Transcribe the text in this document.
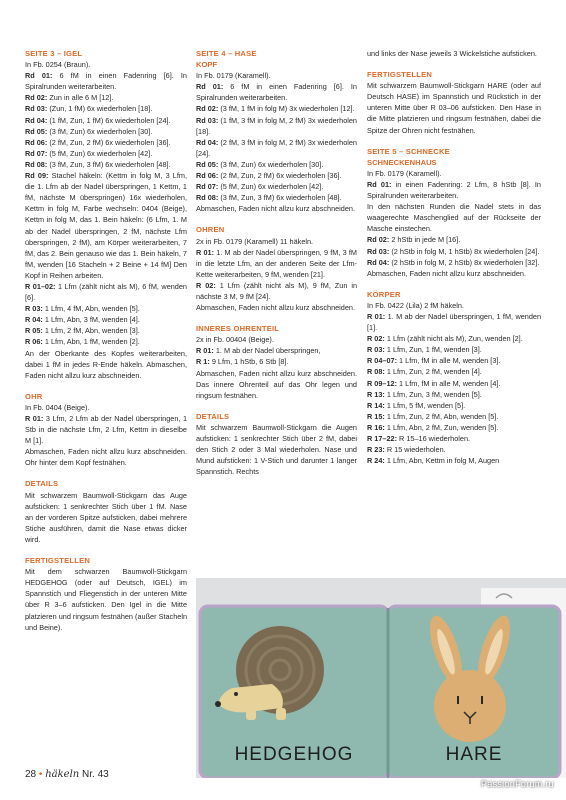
SEITE 3 – IGEL

In Fb. 0254 (Braun).

Rd 01: 6 fM in einen Fadenring [6]. In Spiralrunden weiterarbeiten.

Rd 02: Zun in alle 6 M [12].

Rd 03: (Zun, 1 fM) 6x wiederholen [18].

Rd 04: (1 fM, Zun, 1 fM) 6x wiederholen [24].

Rd 05: (3 fM, Zun) 6x wiederholen [30].

Rd 06: (2 fM, Zun, 2 fM) 6x wiederholen [36].

Rd 07: (5 fM, Zun) 6x wiederholen [42].

Rd 08: (3 fM, Zun, 3 fM) 6x wiederholen [48].

Rd 09: Stachel häkeln: (Kettm in folg M, 3 Lfm, die 1. Lfm ab der Nadel überspringen, 1 Kettm, 1 fM, nächste M überspringen) 16x wiederholen, Kettm in folg M, Farbe wechseln: 0404 (Beige), Kettm in folg M, das 1. Bein häkeln: (6 Lfm, 1. M ab der Nadel überspringen, 2 fM, nächste Lfm überspringen, 2 fM), am Körper weiterarbeiten, 7 fM, das 2. Bein genauso wie das 1. Bein häkeln, 7 fM, wenden [16 Stacheln + 2 Beine + 14 fM] Den Kopf in Reihen arbeiten.

R 01–02: 1 Lfm (zählt nicht als M), 6 fM, wenden [6].

R 03: 1 Lfm, 4 fM, Abn, wenden [5].

R 04: 1 Lfm, Abn, 3 fM, wenden [4].

R 05: 1 Lfm, 2 fM, Abn, wenden [3].

R 06: 1 Lfm, Abn, 1 fM, wenden [2].

An der Oberkante des Kopfes weiterarbeiten, dabei 1 fM in jedes R-Ende häkeln. Abmaschen, Faden nicht allzu kurz abschneiden.

OHR

In Fb. 0404 (Beige).

R 01: 3 Lfm, 2 Lfm ab der Nadel überspringen, 1 Stb in die nächste Lfm, 2 Lfm, Kettm in dieselbe M [1].

Abmaschen, Faden nicht allzu kurz abschneiden. Ohr hinter dem Kopf festnähen.

DETAILS

Mit schwarzem Baumwoll-Stickgarn das Auge aufsticken: 1 senkrechter Stich über 1 fM. Nase an der vorderen Spitze aufsticken, dabei mehrere Stiche ausführen, damit die Nase etwas dicker wird.

FERTIGSTELLEN

Mit dem schwarzen Baumwoll-Stickgarn HEDGEHOG (oder auf Deutsch, IGEL) im Spannstich und Fliegenstich in der unteren Mitte über R 3–6 aufsticken. Den Igel in die Mitte platzieren und ringsum festnähen (außer Stacheln und Beine).

SEITE 4 – HASE

KOPF

In Fb. 0179 (Karamell).

Rd 01: 6 fM in einen Fadenring [6]. In Spiralrunden weiterarbeiten.

Rd 02: (3 fM, 1 fM in folg M) 3x wiederholen [12].

Rd 03: (1 fM, 3 fM in folg M, 2 fM) 3x wiederholen [18].

Rd 04: (2 fM, 3 fM in folg M, 2 fM) 3x wiederholen [24].

Rd 05: (3 fM, Zun) 6x wiederholen [30].

Rd 06: (2 fM, Zun, 2 fM) 6x wiederholen [36].

Rd 07: (5 fM, Zun) 6x wiederholen [42].

Rd 08: (3 fM, Zun, 3 fM) 6x wiederholen [48].

Abmaschen, Faden nicht allzu kurz abschneiden.

OHREN

2x in Fb. 0179 (Karamell) 11 häkeln.

R 01: 1. M ab der Nadel überspringen, 9 fM, 3 fM in die letzte Lfm, an der anderen Seite der Lfm-Kette weiterarbeiten, 9 fM, wenden [21].

R 02: 1 Lfm (zählt nicht als M), 9 fM, Zun in nächste 3 M, 9 fM [24].

Abmaschen, Faden nicht allzu kurz abschneiden.

INNERES OHRENTEIL

2x in Fb. 00404 (Beige).

R 01: 1. M ab der Nadel überspringen,

R 1: 9 Lfm, 1 hStb, 6 Stb [8].

Abmaschen, Faden nicht allzu kurz abschneiden. Das innere Ohrenteil auf das Ohr legen und ringsum festnähen.

DETAILS

Mit schwarzem Baumwoll-Stickgarn die Augen aufsticken: 1 senkrechter Stich über 2 fM, dabei den Stich 2 oder 3 Mal wiederholen. Nase und Mund aufsticken: 1 V-Stich und darunter 1 langer Spannstich. Rechts

und links der Nase jeweils 3 Wickelstiche aufsticken.

FERTIGSTELLEN

Mit schwarzem Baumwoll-Stickgarn HARE (oder auf Deutsch HASE) im Spannstich und Rückstich in der unteren Mitte über R 03–06 aufsticken. Den Hase in die Mitte platzieren und ringsum festnähen, dabei die Spitze der Ohren nicht festnähen.

SEITE 5 – SCHNECKE

SCHNECKENHAUS

In Fb. 0179 (Karamell).

Rd 01: in einen Fadenring: 2 Lfm, 8 hStb [8]. In Spiralrunden weiterarbeiten.

In den nächsten Runden die Nadel stets in das waagerechte Maschenglied auf der Rückseite der Masche einstechen.

Rd 02: 2 hStb in jede M [16].

Rd 03: (2 hStb in folg M, 1 hStb) 8x wiederholen [24].

Rd 04: (2 hStb in folg M, 2 hStb) 8x wiederholen [32].

Abmaschen, Faden nicht allzu kurz abschneiden.

KÖRPER

In Fb. 0422 (Lila) 2 fM häkeln.

R 01: 1. M ab der Nadel überspringen, 1 fM, wenden [1].

R 02: 1 Lfm (zählt nicht als M), Zun, wenden [2].

R 03: 1 Lfm, Zun, 1 fM, wenden [3].

R 04–07: 1 Lfm, fM in alle M, wenden [3].

R 08: 1 Lfm, Zun, 2 fM, wenden [4].

R 09–12: 1 Lfm, fM in alle M, wenden [4].

R 13: 1 Lfm, Zun, 3 fM, wenden [5].

R 14: 1 Lfm, 5 fM, wenden [5].

R 15: 1 Lfm, Zun, 2 fM, Abn, wenden [5].

R 16: 1 Lfm, Abn, 2 fM, Zun, wenden [5].

R 17–22: R 15–16 wiederholen.

R 23: R 15 wiederholen.

R 24: 1 Lfm, Abn, Kettm in folg M, Augen

HEDGEHOG	HARE
28 • häkeln Nr. 43
PassionForum.ru
